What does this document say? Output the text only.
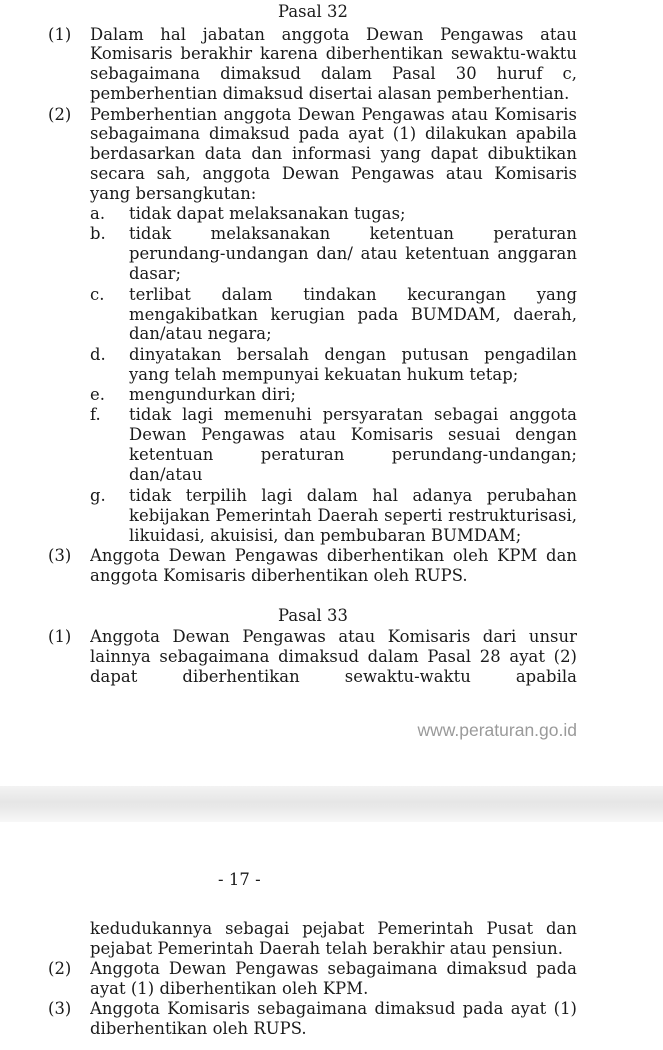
Pasal 32
(1) Dalam hal jabatan anggota Dewan Pengawas atau
Komisaris berakhir karena diberhentikan sewaktu-waktu
sebagaimana dimaksud dalam Pasal 30 huruf c,
pemberhentian dimaksud disertai alasan pemberhentian.
(2) Pemberhentian anggota Dewan Pengawas atau Komisaris
sebagaimana dimaksud pada ayat (1) dilakukan apabila
berdasarkan data dan informasi yang dapat dibuktikan
secara sah, anggota Dewan Pengawas atau Komisaris
yang bersangkutan:
a. tidak dapat melaksanakan tugas;
b. tidak melaksanakan ketentuan peraturan
perundang-undangan dan/ atau ketentuan anggaran
dasar;
c. terlibat dalam tindakan kecurangan yang
mengakibatkan kerugian pada BUMDAM, daerah,
dan/atau negara;
d. dinyatakan bersalah dengan putusan pengadilan
yang telah mempunyai kekuatan hukum tetap;
e. mengundurkan diri;
f. tidak lagi memenuhi persyaratan sebagai anggota
Dewan Pengawas atau Komisaris sesuai dengan
ketentuan peraturan perundang-undangan;
dan/atau
g. tidak terpilih lagi dalam hal adanya perubahan
kebijakan Pemerintah Daerah seperti restrukturisasi,
likuidasi, akuisisi, dan pembubaran BUMDAM;
(3) Anggota Dewan Pengawas diberhentikan oleh KPM dan
anggota Komisaris diberhentikan oleh RUPS.
Pasal 33
(1) Anggota Dewan Pengawas atau Komisaris dari unsur
lainnya sebagaimana dimaksud dalam Pasal 28 ayat (2)
dapat diberhentikan sewaktu-waktu apabila
www.peraturan.go.id
- 17 -
kedudukannya sebagai pejabat Pemerintah Pusat dan
pejabat Pemerintah Daerah telah berakhir atau pensiun.
(2) Anggota Dewan Pengawas sebagaimana dimaksud pada
ayat (1) diberhentikan oleh KPM.
(3) Anggota Komisaris sebagaimana dimaksud pada ayat (1)
diberhentikan oleh RUPS.
